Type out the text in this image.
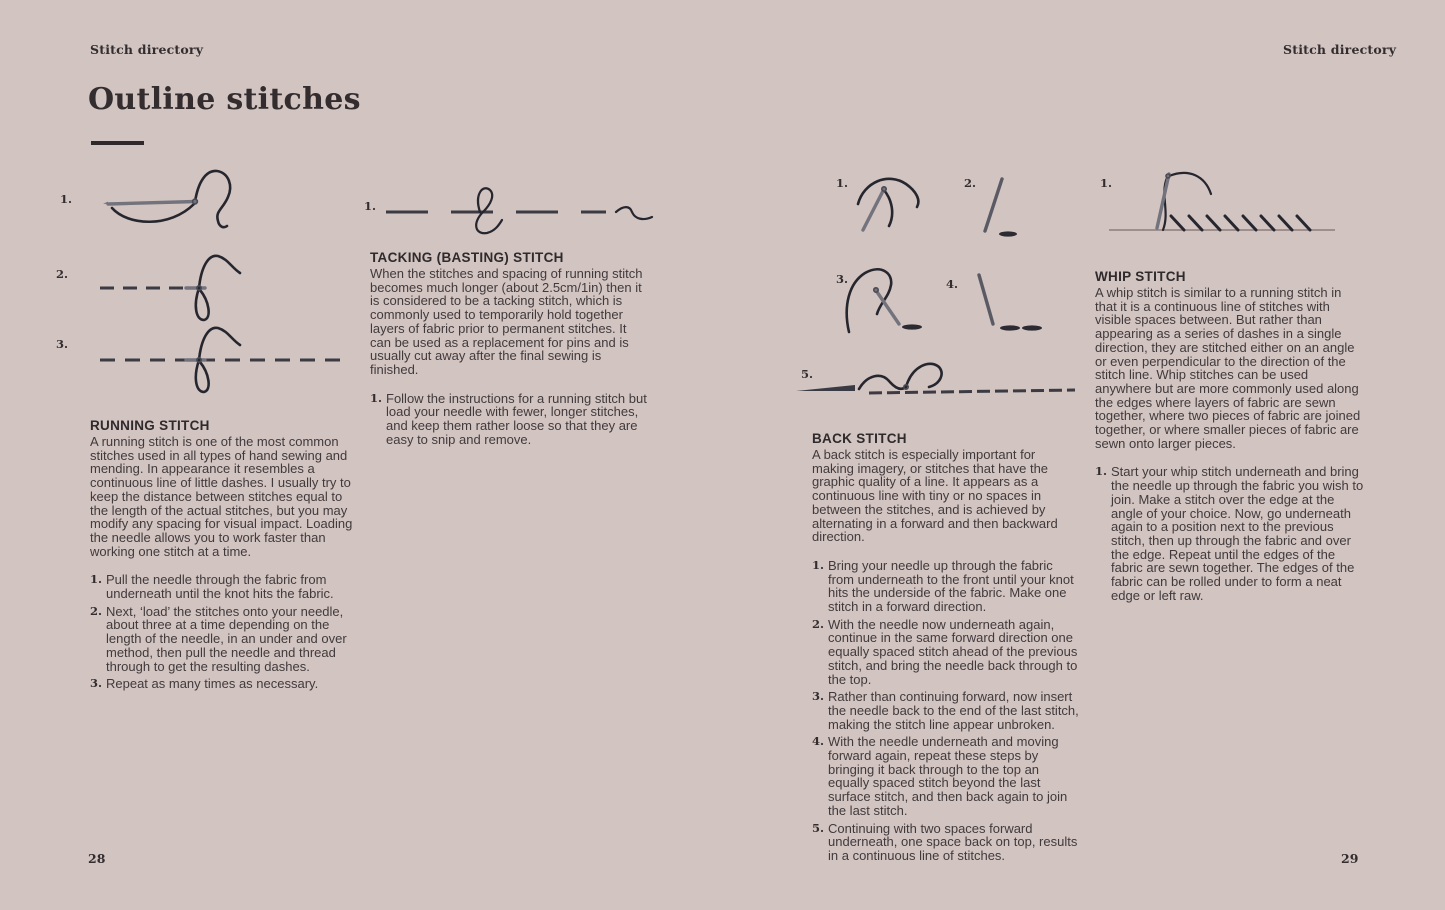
Stitch directory
Outline stitches
1.
2.
3.
RUNNING STITCH

A running stitch is one of the most common stitches used in all types of hand sewing and mending. In appearance it resembles a continuous line of little dashes. I usually try to keep the distance between stitches equal to the length of the actual stitches, but you may modify any spacing for visual impact. Loading the needle allows you to work faster than working one stitch at a time.

1. Pull the needle through the fabric from underneath until the knot hits the fabric.
2. Next, ‘load’ the stitches onto your needle, about three at a time depending on the length of the needle, in an under and over method, then pull the needle and thread through to get the resulting dashes.
3. Repeat as many times as necessary.
1.
TACKING (BASTING) STITCH

When the stitches and spacing of running stitch becomes much longer (about 2.5cm/1in) then it is considered to be a tacking stitch, which is commonly used to temporarily hold together layers of fabric prior to permanent stitches. It can be used as a replacement for pins and is usually cut away after the final sewing is finished.

1. Follow the instructions for a running stitch but load your needle with fewer, longer stitches, and keep them rather loose so that they are easy to snip and remove.
28
Stitch directory
1.	2.
3.	4.
5.
BACK STITCH

A back stitch is especially important for making imagery, or stitches that have the graphic quality of a line. It appears as a continuous line with tiny or no spaces in between the stitches, and is achieved by alternating in a forward and then backward direction.

1. Bring your needle up through the fabric from underneath to the front until your knot hits the underside of the fabric. Make one stitch in a forward direction.
2. With the needle now underneath again, continue in the same forward direction one equally spaced stitch ahead of the previous stitch, and bring the needle back through to the top.
3. Rather than continuing forward, now insert the needle back to the end of the last stitch, making the stitch line appear unbroken.
4. With the needle underneath and moving forward again, repeat these steps by bringing it back through to the top an equally spaced stitch beyond the last surface stitch, and then back again to join the last stitch.
5. Continuing with two spaces forward underneath, one space back on top, results in a continuous line of stitches.
1.
WHIP STITCH

A whip stitch is similar to a running stitch in that it is a continuous line of stitches with visible spaces between. But rather than appearing as a series of dashes in a single direction, they are stitched either on an angle or even perpendicular to the direction of the stitch line. Whip stitches can be used anywhere but are more commonly used along the edges where layers of fabric are sewn together, where two pieces of fabric are joined together, or where smaller pieces of fabric are sewn onto larger pieces.

1. Start your whip stitch underneath and bring the needle up through the fabric you wish to join. Make a stitch over the edge at the angle of your choice. Now, go underneath again to a position next to the previous stitch, then up through the fabric and over the edge. Repeat until the edges of the fabric are sewn together. The edges of the fabric can be rolled under to form a neat edge or left raw.
29
